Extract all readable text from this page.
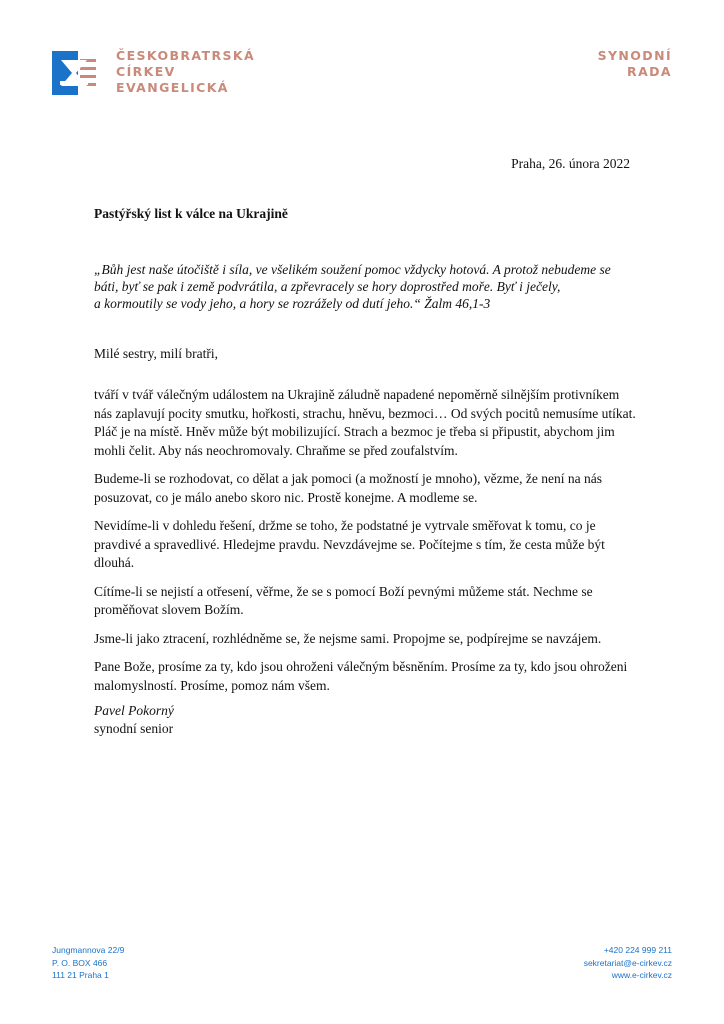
ČESKOBRATRSKÁ
CÍRKEV
EVANGELICKÁ
SYNODNÍ
RADA
Praha, 26. února 2022
Pastýřský list k válce na Ukrajině
„Bůh jest naše útočiště i síla, ve všelikém soužení pomoc vždycky hotová. A protož nebudeme se
báti, byť se pak i země podvrátila, a zpřevracely se hory doprostřed moře. Byť i ječely,
a kormoutily se vody jeho, a hory se rozrážely od dutí jeho.“ Žalm 46,1-3
Milé sestry, milí bratři,

tváří v tvář válečným událostem na Ukrajině záludně napadené nepoměrně silnějším protivníkem nás zaplavují pocity smutku, hořkosti, strachu, hněvu, bezmoci… Od svých pocitů nemusíme utíkat. Pláč je na místě. Hněv může být mobilizující. Strach a bezmoc je třeba si připustit, abychom jim mohli čelit. Aby nás neochromovaly. Chraňme se před zoufalstvím.

Budeme-li se rozhodovat, co dělat a jak pomoci (a možností je mnoho), vězme, že není na nás posuzovat, co je málo anebo skoro nic. Prostě konejme. A modleme se.

Nevidíme-li v dohledu řešení, držme se toho, že podstatné je vytrvale směřovat k tomu, co je pravdivé a spravedlivé. Hledejme pravdu. Nevzdávejme se. Počítejme s tím, že cesta může být dlouhá.

Cítíme-li se nejistí a otřesení, věřme, že se s pomocí Boží pevnými můžeme stát. Nechme se proměňovat slovem Božím.

Jsme-li jako ztracení, rozhlédněme se, že nejsme sami. Propojme se, podpírejme se navzájem.

Pane Bože, prosíme za ty, kdo jsou ohroženi válečným běsněním. Prosíme za ty, kdo jsou ohroženi malomyslností. Prosíme, pomoz nám všem.

Pavel Pokorný
synodní senior
Jungmannova 22/9
P. O. BOX 466
111 21 Praha 1
+420 224 999 211
sekretariat@e-cirkev.cz
www.e-cirkev.cz
